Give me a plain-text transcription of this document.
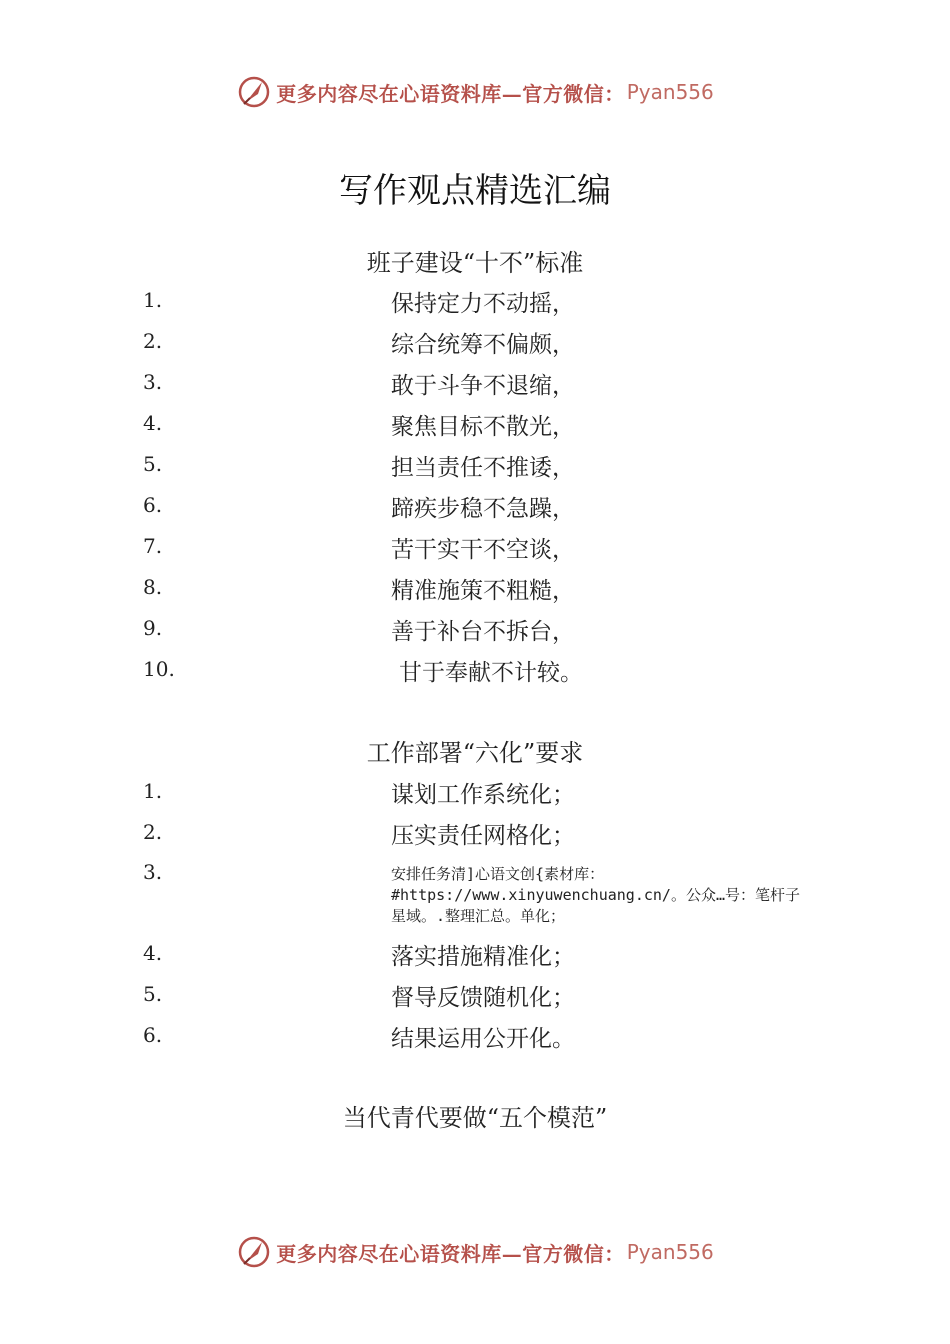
更多内容尽在心语资料库—官方微信： Pyan556
写作观点精选汇编
班子建设“十不”标准
1.	保持定力不动摇，
2.	综合统筹不偏颇，
3.	敢于斗争不退缩，
4.	聚焦目标不散光，
5.	担当责任不推诿，
6.	蹄疾步稳不急躁，
7.	苦干实干不空谈，
8.	精准施策不粗糙，
9.	善于补台不拆台，
10.	甘于奉献不计较。
工作部署“六化”要求
1.	谋划工作系统化；
2.	压实责任网格化；
3.	安排任务清]心语文创{素材库：#https://www.xinyuwenchuang.cn/。公众…号：笔杆子星域。.整理汇总。单化；
4.	落实措施精准化；
5.	督导反馈随机化；
6.	结果运用公开化。
当代青代要做“五个模范”
更多内容尽在心语资料库—官方微信： Pyan556
